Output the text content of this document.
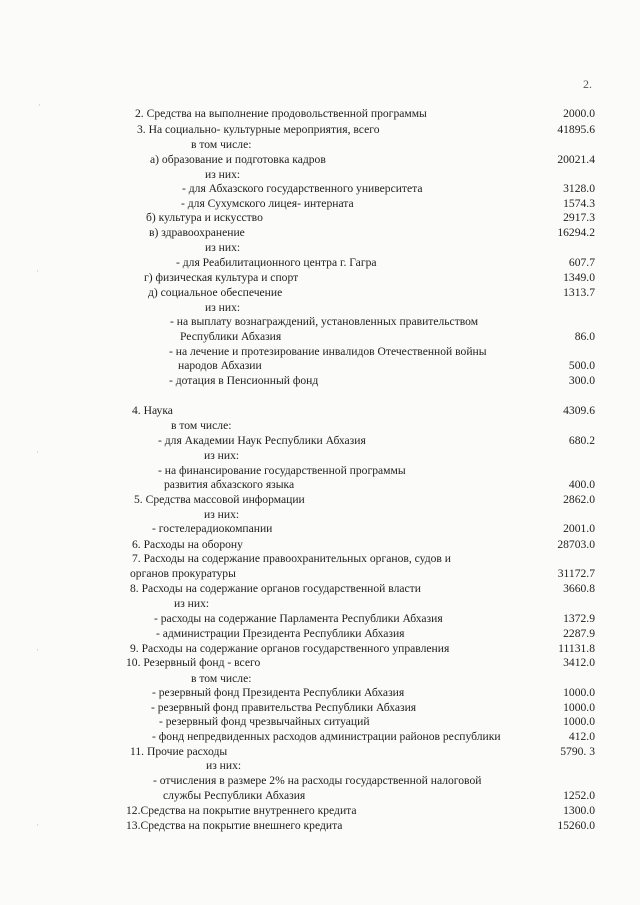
2.
·
·
·
·
·
2. Средства на выполнение продовольственной программы	2000.0
3. На социально- культурные мероприятия, всего	41895.6
в том числе:
а) образование и подготовка кадров	20021.4
из них:
- для Абхазского государственного университета	3128.0
- для Сухумского лицея- интерната	1574.3
б) культура и искусство	2917.3
в) здравоохранение	16294.2
из них:
- для Реабилитационного центра г. Гагра	607.7
г) физическая культура и спорт	1349.0
д) социальное обеспечение	1313.7
из них:
- на выплату вознаграждений, установленных правительством
Республики Абхазия	86.0
- на лечение и протезирование инвалидов Отечественной войны
народов Абхазии	500.0
- дотация в Пенсионный фонд	300.0
4. Наука	4309.6
в том числе:
- для Академии Наук Республики Абхазия	680.2
из них:
- на финансирование государственной программы
развития абхазского языка	400.0
5. Средства массовой информации	2862.0
из них:
- гостелерадиокомпании	2001.0
6. Расходы на оборону	28703.0
7. Расходы на содержание правоохранительных органов, судов и
органов прокуратуры	31172.7
8. Расходы на содержание органов государственной власти	3660.8
из них:
- расходы на содержание Парламента Республики Абхазия	1372.9
- администрации Президента Республики Абхазия	2287.9
9. Расходы на содержание органов государственного управления	11131.8
10. Резервный фонд - всего	3412.0
в том числе:
- резервный фонд Президента Республики Абхазия	1000.0
- резервный фонд правительства Республики Абхазия	1000.0
- резервный фонд чрезвычайных ситуаций	1000.0
- фонд непредвиденных расходов администрации районов республики	412.0
11. Прочие расходы	5790. 3
из них:
- отчисления в размере 2% на расходы государственной налоговой
службы Республики Абхазия	1252.0
12.Средства на покрытие внутреннего кредита	1300.0
13.Средства на покрытие внешнего кредита	15260.0
